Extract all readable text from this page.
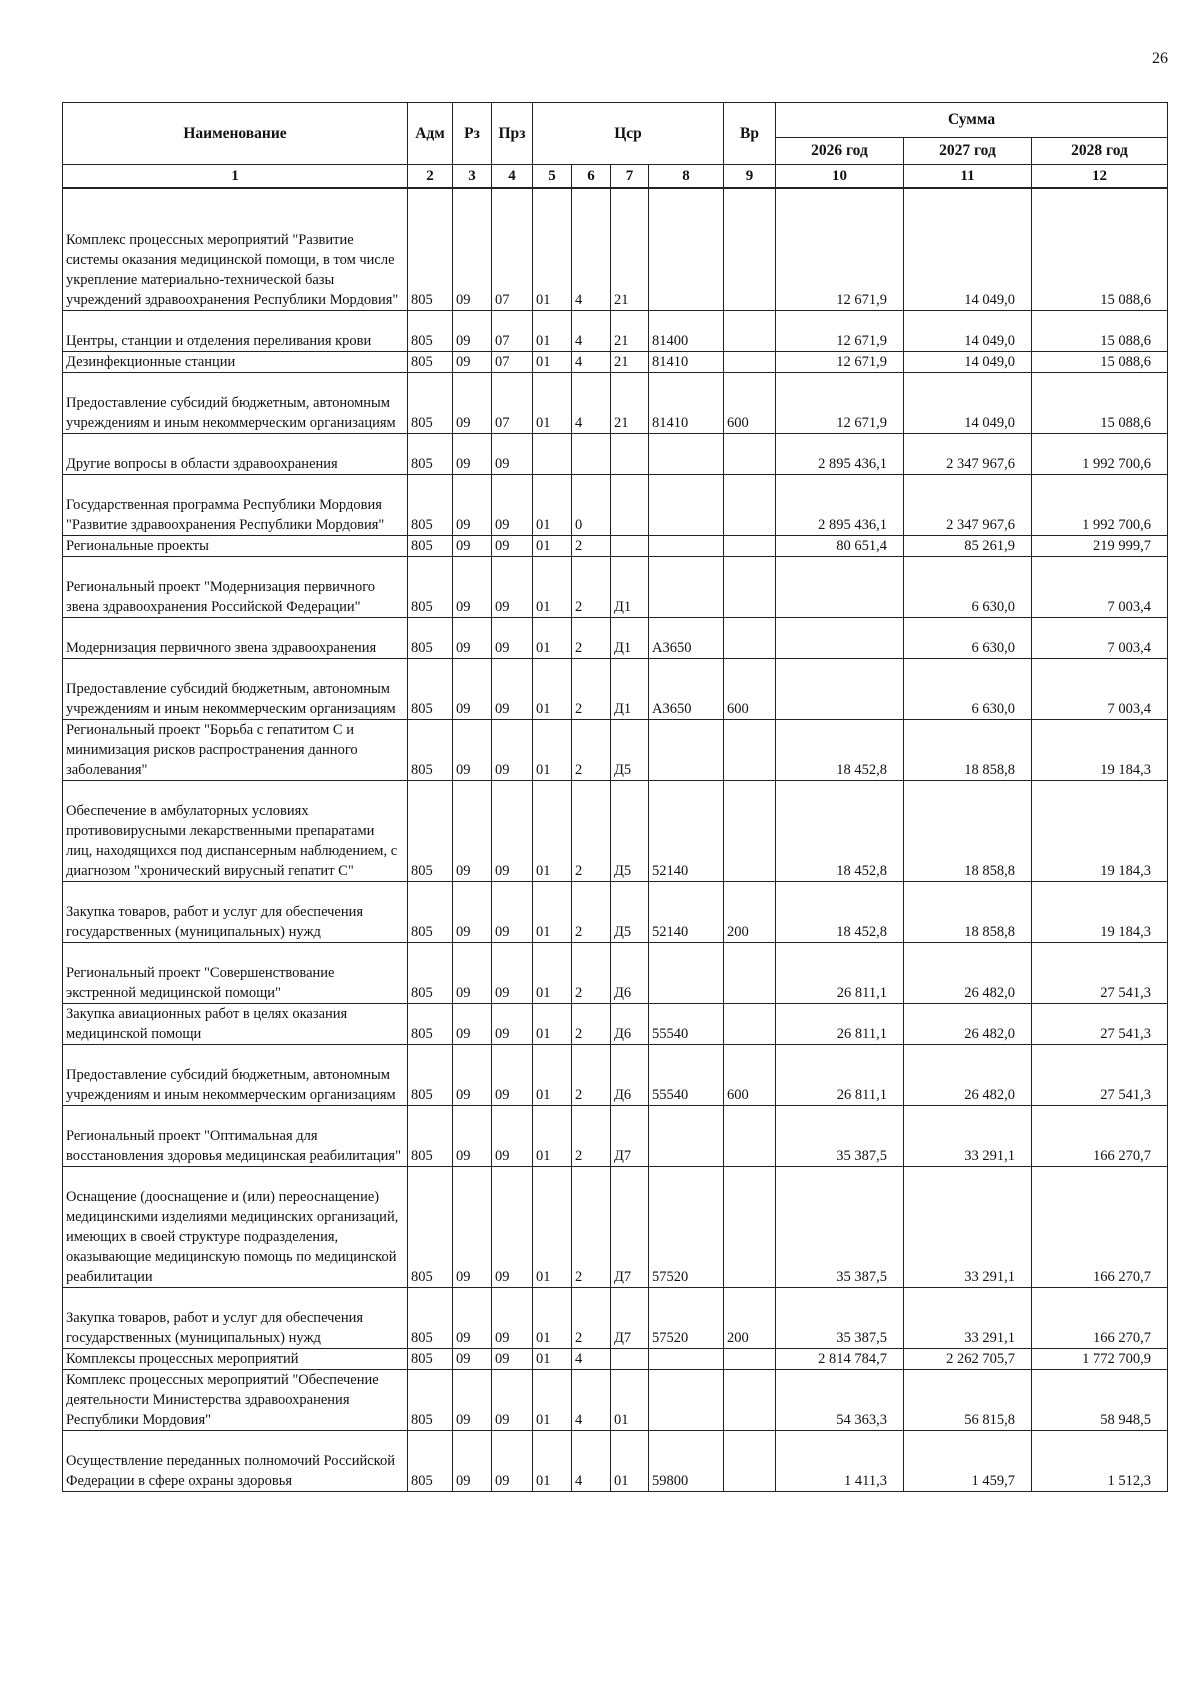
26
Наименование	Адм	Рз	Прз	Цср				Вр	Сумма		
									2026 год	2027 год	2028 год
1	2	3	4	5	6	7	8	9	10	11	12
Комплекс процессных мероприятий "Развитие системы оказания медицинской помощи, в том числе укрепление материально-технической базы учреждений здравоохранения Республики Мордовия"	805	09	07	01	4	21			12 671,9	14 049,0	15 088,6
Центры, станции и отделения переливания крови	805	09	07	01	4	21	81400		12 671,9	14 049,0	15 088,6
Дезинфекционные станции	805	09	07	01	4	21	81410		12 671,9	14 049,0	15 088,6
Предоставление субсидий бюджетным, автономным учреждениям и иным некоммерческим организациям	805	09	07	01	4	21	81410	600	12 671,9	14 049,0	15 088,6
Другие вопросы в области здравоохранения	805	09	09						2 895 436,1	2 347 967,6	1 992 700,6
Государственная программа Республики Мордовия "Развитие здравоохранения Республики Мордовия"	805	09	09	01	0				2 895 436,1	2 347 967,6	1 992 700,6
Региональные проекты	805	09	09	01	2				80 651,4	85 261,9	219 999,7
Региональный проект "Модернизация первичного звена здравоохранения Российской Федерации"	805	09	09	01	2	Д1				6 630,0	7 003,4
Модернизация первичного звена здравоохранения	805	09	09	01	2	Д1	А3650			6 630,0	7 003,4
Предоставление субсидий бюджетным, автономным учреждениям и иным некоммерческим организациям	805	09	09	01	2	Д1	А3650	600		6 630,0	7 003,4
Региональный проект "Борьба с гепатитом С и минимизация рисков распространения данного заболевания"	805	09	09	01	2	Д5			18 452,8	18 858,8	19 184,3
Обеспечение в амбулаторных условиях противовирусными лекарственными препаратами лиц, находящихся под диспансерным наблюдением, с диагнозом "хронический вирусный гепатит С"	805	09	09	01	2	Д5	52140		18 452,8	18 858,8	19 184,3
Закупка товаров, работ и услуг для обеспечения государственных (муниципальных) нужд	805	09	09	01	2	Д5	52140	200	18 452,8	18 858,8	19 184,3
Региональный проект "Совершенствование экстренной медицинской помощи"	805	09	09	01	2	Д6			26 811,1	26 482,0	27 541,3
Закупка авиационных работ в целях оказания медицинской помощи	805	09	09	01	2	Д6	55540		26 811,1	26 482,0	27 541,3
Предоставление субсидий бюджетным, автономным учреждениям и иным некоммерческим организациям	805	09	09	01	2	Д6	55540	600	26 811,1	26 482,0	27 541,3
Региональный проект "Оптимальная для восстановления здоровья медицинская реабилитация"	805	09	09	01	2	Д7			35 387,5	33 291,1	166 270,7
Оснащение (дооснащение и (или) переоснащение) медицинскими изделиями медицинских организаций, имеющих в своей структуре подразделения, оказывающие медицинскую помощь по медицинской реабилитации	805	09	09	01	2	Д7	57520		35 387,5	33 291,1	166 270,7
Закупка товаров, работ и услуг для обеспечения государственных (муниципальных) нужд	805	09	09	01	2	Д7	57520	200	35 387,5	33 291,1	166 270,7
Комплексы процессных мероприятий	805	09	09	01	4				2 814 784,7	2 262 705,7	1 772 700,9
Комплекс процессных мероприятий "Обеспечение деятельности Министерства здравоохранения Республики Мордовия"	805	09	09	01	4	01			54 363,3	56 815,8	58 948,5
Осуществление переданных полномочий Российской Федерации в сфере охраны здоровья	805	09	09	01	4	01	59800		1 411,3	1 459,7	1 512,3
